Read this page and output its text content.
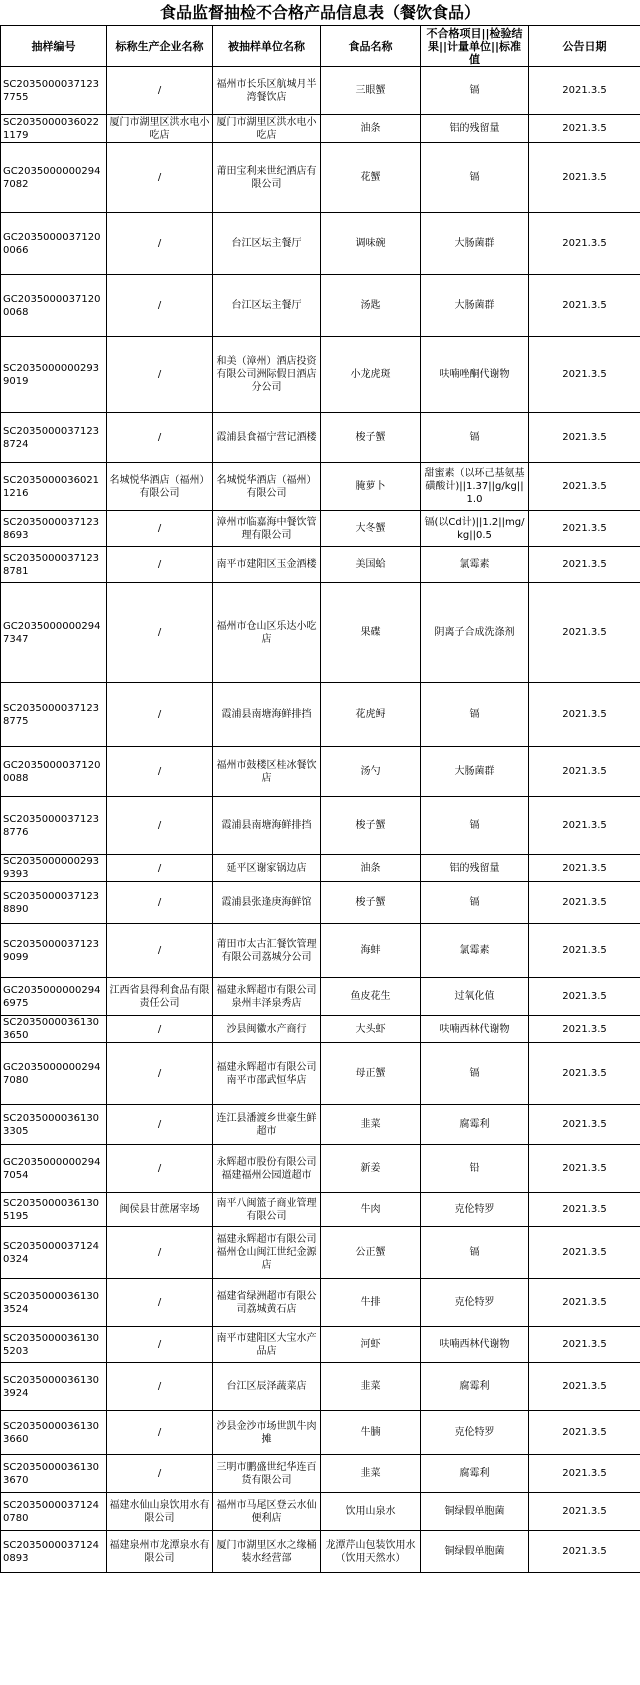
食品监督抽检不合格产品信息表（餐饮食品）
抽样编号	标称生产企业名称	被抽样单位名称	食品名称	不合格项目||检验结果||计量单位||标准值	公告日期
SC20350000371237755	/	福州市长乐区航城月半湾餐饮店	三眼蟹	镉	2021.3.5
SC20350000360221179	厦门市湖里区洪水电小吃店	厦门市湖里区洪水电小吃店	油条	铝的残留量	2021.3.5
GC20350000002947082	/	莆田宝利来世纪酒店有限公司	花蟹	镉	2021.3.5
GC20350000371200066	/	台江区坛主餐厅	调味碗	大肠菌群	2021.3.5
GC20350000371200068	/	台江区坛主餐厅	汤匙	大肠菌群	2021.3.5
SC20350000002939019	/	和美（漳州）酒店投资有限公司洲际假日酒店分公司	小龙虎斑	呋喃唑酮代谢物	2021.3.5
SC20350000371238724	/	霞浦县食福宁营记酒楼	梭子蟹	镉	2021.3.5
SC20350000360211216	名城悦华酒店（福州）有限公司	名城悦华酒店（福州）有限公司	腌萝卜	甜蜜素（以环己基氨基磺酸计)||1.37||g/kg||1.0	2021.3.5
SC20350000371238693	/	漳州市临嘉海中餐饮管理有限公司	大冬蟹	镉(以Cd计)||1.2||mg/kg||0.5	2021.3.5
SC20350000371238781	/	南平市建阳区玉金酒楼	美国蛤	氯霉素	2021.3.5
GC20350000002947347	/	福州市仓山区乐达小吃店	果碟	阴离子合成洗涤剂	2021.3.5
SC20350000371238775	/	霞浦县南塘海鲜排挡	花虎鲟	镉	2021.3.5
GC20350000371200088	/	福州市鼓楼区桂冰餐饮店	汤勺	大肠菌群	2021.3.5
SC20350000371238776	/	霞浦县南塘海鲜排挡	梭子蟹	镉	2021.3.5
SC20350000002939393	/	延平区谢家锅边店	油条	铝的残留量	2021.3.5
SC20350000371238890	/	霞浦县张逢庚海鲜馆	梭子蟹	镉	2021.3.5
SC20350000371239099	/	莆田市太古汇餐饮管理有限公司荔城分公司	海蚌	氯霉素	2021.3.5
GC20350000002946975	江西省县得利食品有限责任公司	福建永辉超市有限公司泉州丰泽泉秀店	鱼皮花生	过氧化值	2021.3.5
SC20350000361303650	/	沙县闽徽水产商行	大头虾	呋喃西林代谢物	2021.3.5
GC20350000002947080	/	福建永辉超市有限公司南平市邵武恒华店	母正蟹	镉	2021.3.5
SC20350000361303305	/	连江县潘渡乡世豪生鲜超市	韭菜	腐霉利	2021.3.5
GC20350000002947054	/	永辉超市股份有限公司福建福州公园道超市	新姜	铅	2021.3.5
SC20350000361305195	闽侯县甘蔗屠宰场	南平八闽篮子商业管理有限公司	牛肉	克伦特罗	2021.3.5
SC20350000371240324	/	福建永辉超市有限公司福州仓山闽江世纪金源店	公正蟹	镉	2021.3.5
SC20350000361303524	/	福建省绿洲超市有限公司荔城黄石店	牛排	克伦特罗	2021.3.5
SC20350000361305203	/	南平市建阳区大宝水产品店	河虾	呋喃西林代谢物	2021.3.5
SC20350000361303924	/	台江区辰泽蔬菜店	韭菜	腐霉利	2021.3.5
SC20350000361303660	/	沙县金沙市场世凯牛肉摊	牛腩	克伦特罗	2021.3.5
SC20350000361303670	/	三明市鹏盛世纪华连百货有限公司	韭菜	腐霉利	2021.3.5
SC20350000371240780	福建水仙山泉饮用水有限公司	福州市马尾区登云水仙便利店	饮用山泉水	铜绿假单胞菌	2021.3.5
SC20350000371240893	福建泉州市龙潭泉水有限公司	厦门市湖里区水之缘桶装水经营部	龙潭芹山包装饮用水（饮用天然水）	铜绿假单胞菌	2021.3.5
